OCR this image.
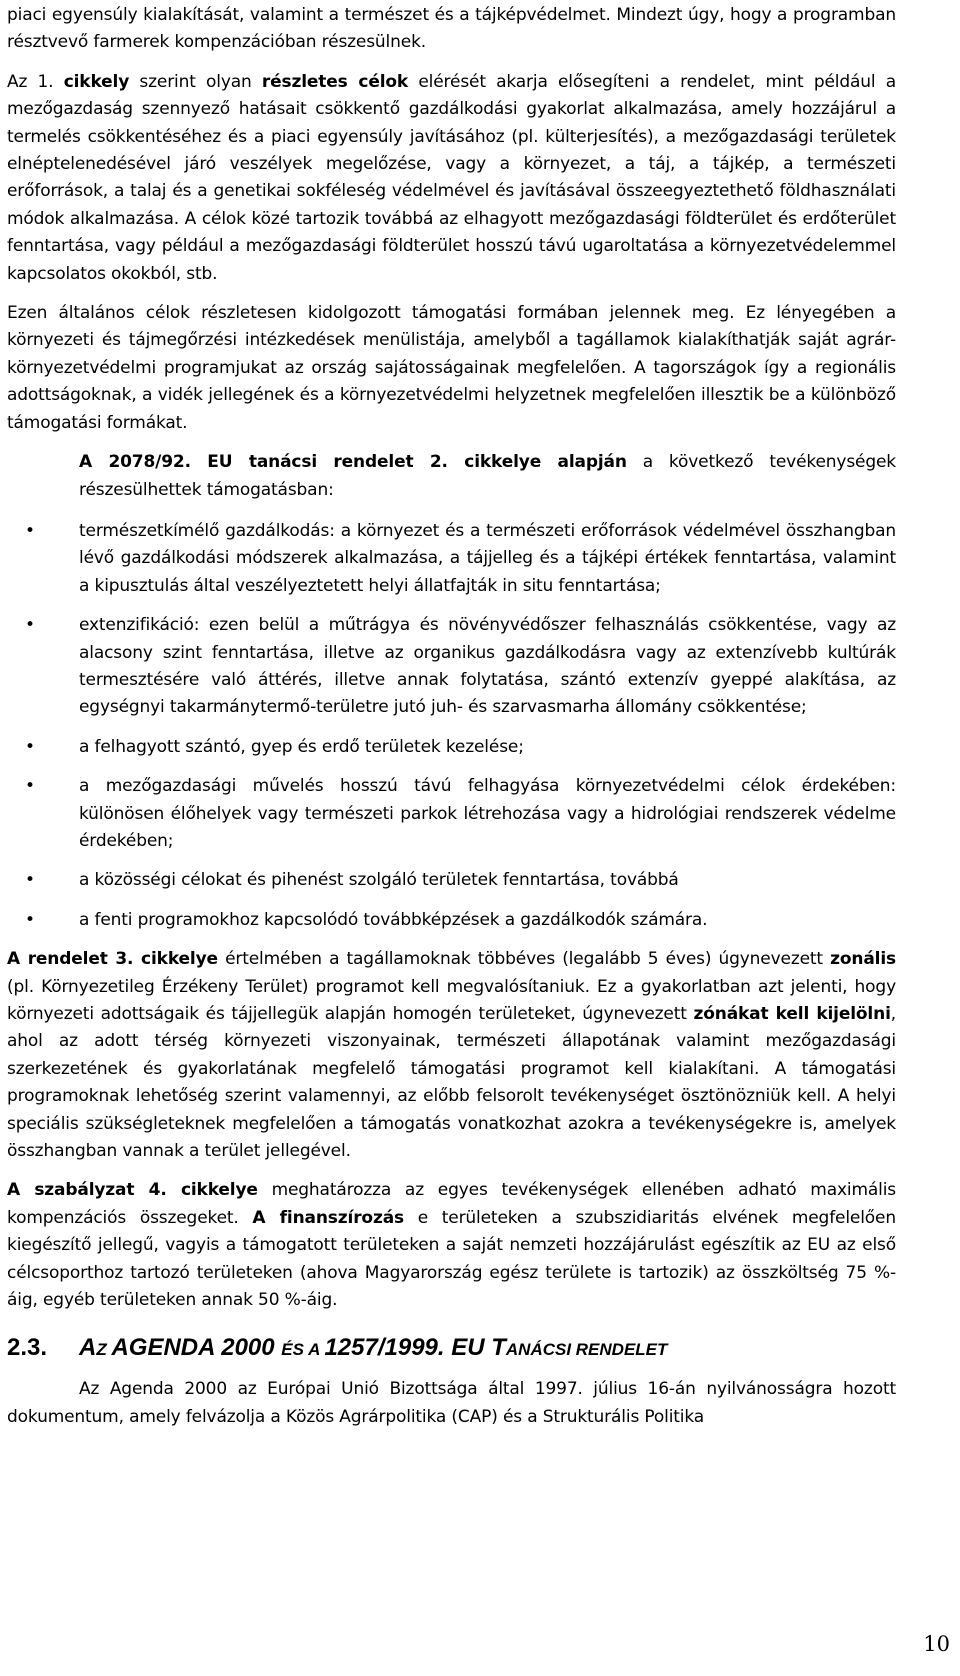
piaci egyensúly kialakítását, valamint a természet és a tájképvédelmet. Mindezt úgy, hogy a programban résztvevő farmerek kompenzációban részesülnek.

Az 1. cikkely szerint olyan részletes célok elérését akarja elősegíteni a rendelet, mint például a mezőgazdaság szennyező hatásait csökkentő gazdálkodási gyakorlat alkalmazása, amely hozzájárul a termelés csökkentéséhez és a piaci egyensúly javításához (pl. külterjesítés), a mezőgazdasági területek elnéptelenedésével járó veszélyek megelőzése, vagy a környezet, a táj, a tájkép, a természeti erőforrások, a talaj és a genetikai sokféleség védelmével és javításával összeegyeztethető földhasználati módok alkalmazása. A célok közé tartozik továbbá az elhagyott mezőgazdasági földterület és erdőterület fenntartása, vagy például a mezőgazdasági földterület hosszú távú ugaroltatása a környezetvédelemmel kapcsolatos okokból, stb.

Ezen általános célok részletesen kidolgozott támogatási formában jelennek meg. Ez lényegében a környezeti és tájmegőrzési intézkedések menülistája, amelyből a tagállamok kialakíthatják saját agrár-környezetvédelmi programjukat az ország sajátosságainak megfelelően. A tagországok így a regionális adottságoknak, a vidék jellegének és a környezetvédelmi helyzetnek megfelelően illesztik be a különböző támogatási formákat.

A 2078/92. EU tanácsi rendelet 2. cikkelye alapján a következő tevékenységek részesülhettek támogatásban:

•	természetkímélő gazdálkodás: a környezet és a természeti erőforrások védelmével összhangban lévő gazdálkodási módszerek alkalmazása, a tájjelleg és a tájképi értékek fenntartása, valamint a kipusztulás által veszélyeztetett helyi állatfajták in situ fenntartása;
•	extenzifikáció: ezen belül a műtrágya és növényvédőszer felhasználás csökkentése, vagy az alacsony szint fenntartása, illetve az organikus gazdálkodásra vagy az extenzívebb kultúrák termesztésére való áttérés, illetve annak folytatása, szántó extenzív gyeppé alakítása, az egységnyi takarmánytermő-területre jutó juh- és szarvasmarha állomány csökkentése;
•	a felhagyott szántó, gyep és erdő területek kezelése;
•	a mezőgazdasági művelés hosszú távú felhagyása környezetvédelmi célok érdekében: különösen élőhelyek vagy természeti parkok létrehozása vagy a hidrológiai rendszerek védelme érdekében;
•	a közösségi célokat és pihenést szolgáló területek fenntartása, továbbá
•	a fenti programokhoz kapcsolódó továbbképzések a gazdálkodók számára.

A rendelet 3. cikkelye értelmében a tagállamoknak többéves (legalább 5 éves) úgynevezett zonális (pl. Környezetileg Érzékeny Terület) programot kell megvalósítaniuk. Ez a gyakorlatban azt jelenti, hogy környezeti adottságaik és tájjellegük alapján homogén területeket, úgynevezett zónákat kell kijelölni, ahol az adott térség környezeti viszonyainak, természeti állapotának valamint mezőgazdasági szerkezetének és gyakorlatának megfelelő támogatási programot kell kialakítani. A támogatási programoknak lehetőség szerint valamennyi, az előbb felsorolt tevékenységet ösztönözniük kell. A helyi speciális szükségleteknek megfelelően a támogatás vonatkozhat azokra a tevékenységekre is, amelyek összhangban vannak a terület jellegével.

A szabályzat 4. cikkelye meghatározza az egyes tevékenységek ellenében adható maximális kompenzációs összegeket. A finanszírozás e területeken a szubszidiaritás elvének megfelelően kiegészítő jellegű, vagyis a támogatott területeken a saját nemzeti hozzájárulást egészítik az EU az első célcsoporthoz tartozó területeken (ahova Magyarország egész területe is tartozik) az összköltség 75 %-áig, egyéb területeken annak 50 %-áig.

2.3. AZ AGENDA 2000 ÉS A 1257/1999. EU TANÁCSI RENDELET

Az Agenda 2000 az Európai Unió Bizottsága által 1997. július 16-án nyilvánosságra hozott dokumentum, amely felvázolja a Közös Agrárpolitika (CAP) és a Strukturális Politika

10
